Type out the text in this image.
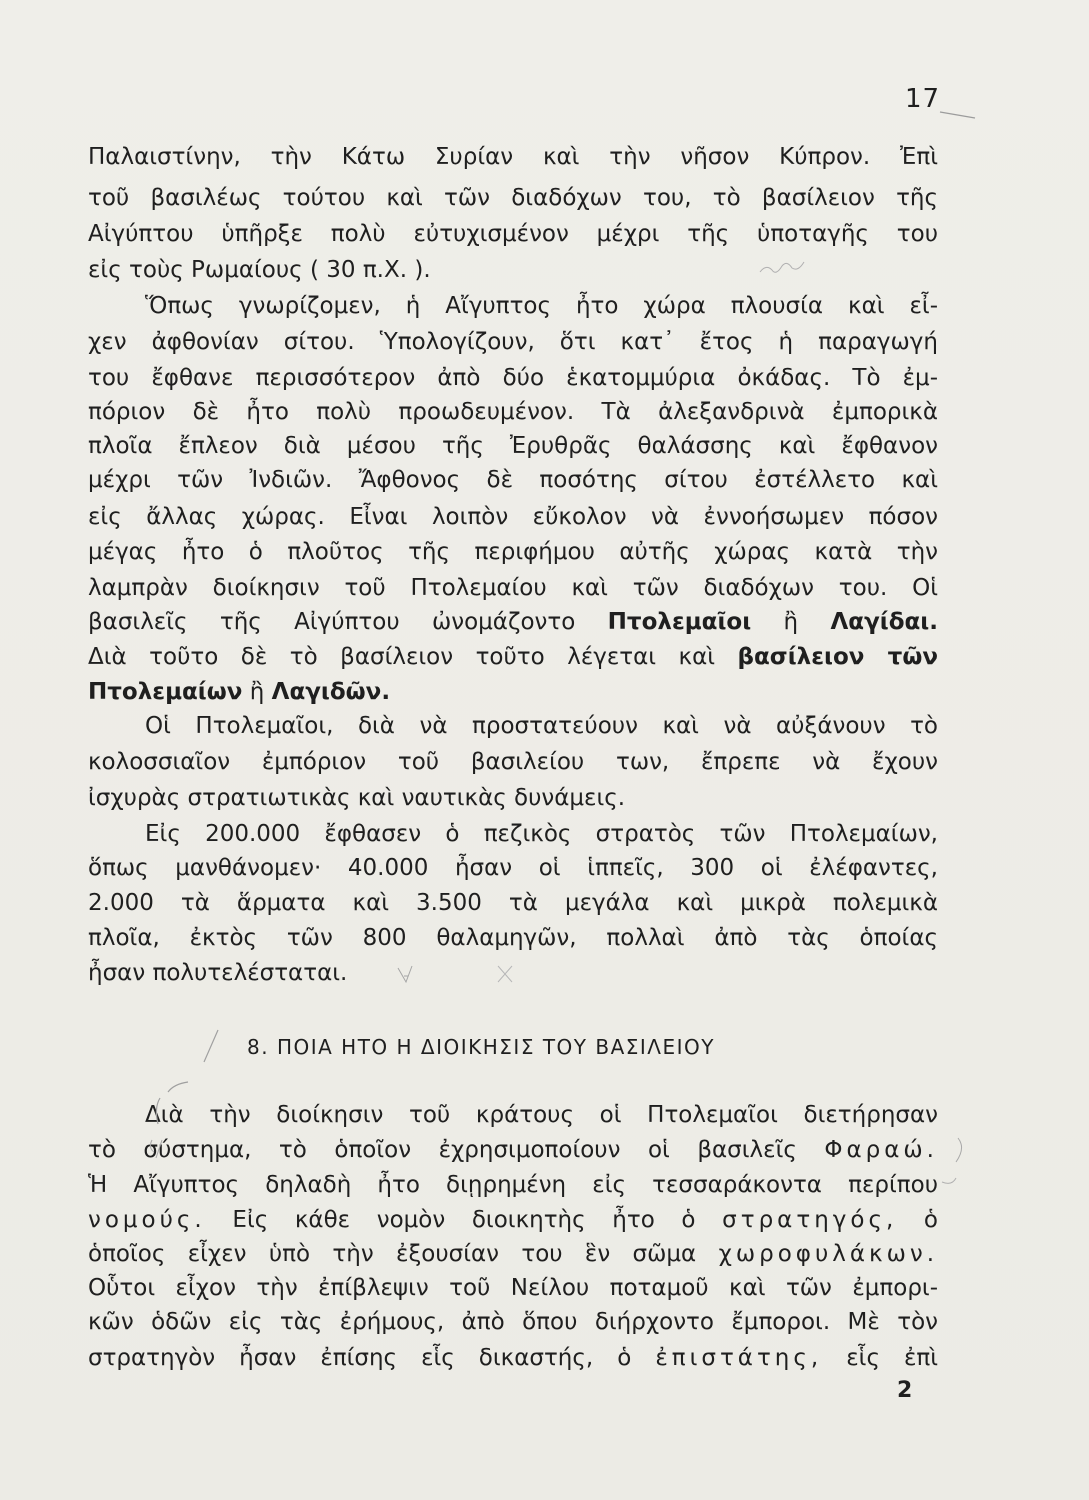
17
Παλαιστίνην, τὴν Κάτω Συρίαν καὶ τὴν νῆσον Κύπρον. Ἐπὶ
τοῦ βασιλέως τούτου καὶ τῶν διαδόχων του, τὸ βασίλειον τῆς
Αἰγύπτου ὑπῆρξε πολὺ εὐτυχισμένον μέχρι τῆς ὑποταγῆς του
εἰς τοὺς Ρωμαίους ( 30 π.Χ. ).
Ὅπως γνωρίζομεν, ἡ Αἴγυπτος ἦτο χώρα πλουσία καὶ εἶ-
χεν ἀφθονίαν σίτου. Ὑπολογίζουν, ὅτι κατ᾽ ἔτος ἡ παραγωγή
του ἔφθανε περισσότερον ἀπὸ δύο ἑκατομμύρια ὀκάδας. Τὸ ἐμ-
πόριον δὲ ἦτο πολὺ προωδευμένον. Τὰ ἀλεξανδρινὰ ἐμπορικὰ
πλοῖα ἔπλεον διὰ μέσου τῆς Ἐρυθρᾶς θαλάσσης καὶ ἔφθανον
μέχρι τῶν Ἰνδιῶν. Ἄφθονος δὲ ποσότης σίτου ἐστέλλετο καὶ
εἰς ἄλλας χώρας. Εἶναι λοιπὸν εὔκολον νὰ ἐννοήσωμεν πόσον
μέγας ἦτο ὁ πλοῦτος τῆς περιφήμου αὐτῆς χώρας κατὰ τὴν
λαμπρὰν διοίκησιν τοῦ Πτολεμαίου καὶ τῶν διαδόχων του. Οἱ
βασιλεῖς τῆς Αἰγύπτου ὠνομάζοντο Πτολεμαῖοι ἢ Λαγίδαι.
Διὰ τοῦτο δὲ τὸ βασίλειον τοῦτο λέγεται καὶ βασίλειον τῶν
Πτολεμαίων ἢ Λαγιδῶν.
Οἱ Πτολεμαῖοι, διὰ νὰ προστατεύουν καὶ νὰ αὐξάνουν τὸ
κολοσσιαῖον ἐμπόριον τοῦ βασιλείου των, ἔπρεπε νὰ ἔχουν
ἰσχυρὰς στρατιωτικὰς καὶ ναυτικὰς δυνάμεις.
Εἰς 200.000 ἔφθασεν ὁ πεζικὸς στρατὸς τῶν Πτολεμαίων,
ὅπως μανθάνομεν· 40.000 ἦσαν οἱ ἱππεῖς, 300 οἱ ἐλέφαντες,
2.000 τὰ ἅρματα καὶ 3.500 τὰ μεγάλα καὶ μικρὰ πολεμικὰ
πλοῖα, ἐκτὸς τῶν 800 θαλαμηγῶν, πολλαὶ ἀπὸ τὰς ὁποίας
ἦσαν πολυτελέσταται.
8. ΠΟΙΑ ΗΤΟ Η ΔΙΟΙΚΗΣΙΣ ΤΟΥ ΒΑΣΙΛΕΙΟΥ
Διὰ τὴν διοίκησιν τοῦ κράτους οἱ Πτολεμαῖοι διετήρησαν
τὸ σύστημα, τὸ ὁποῖον ἐχρησιμοποίουν οἱ βασιλεῖς Φαραώ.
Ἡ Αἴγυπτος δηλαδὴ ἦτο διῃρημένη εἰς τεσσαράκοντα περίπου
νομούς. Εἰς κάθε νομὸν διοικητὴς ἦτο ὁ στρατηγός, ὁ
ὁποῖος εἶχεν ὑπὸ τὴν ἐξουσίαν του ἓν σῶμα χωροφυλάκων.
Οὗτοι εἶχον τὴν ἐπίβλεψιν τοῦ Νείλου ποταμοῦ καὶ τῶν ἐμπορι-
κῶν ὁδῶν εἰς τὰς ἐρήμους, ἀπὸ ὅπου διήρχοντο ἔμποροι. Μὲ τὸν
στρατηγὸν ἦσαν ἐπίσης εἷς δικαστής, ὁ ἐπιστάτης, εἷς ἐπὶ
2
